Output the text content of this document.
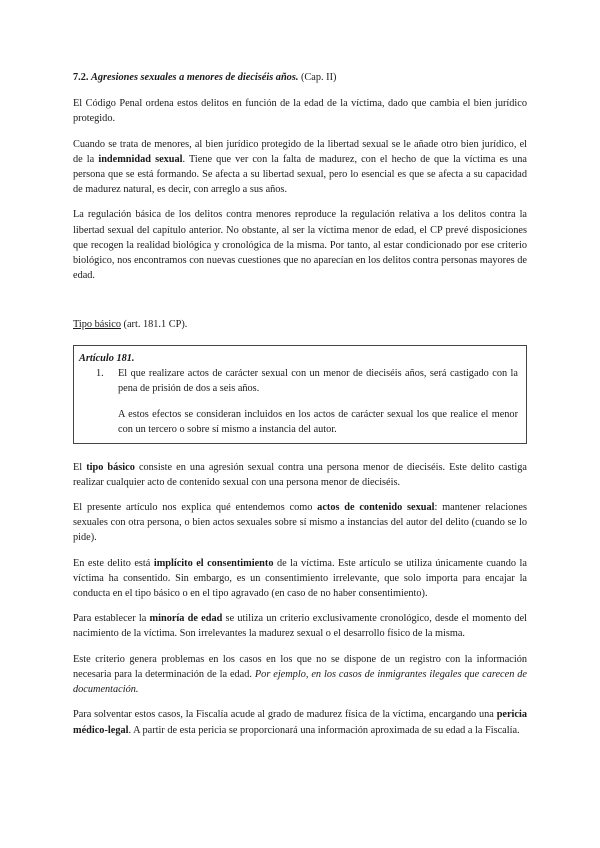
7.2. Agresiones sexuales a menores de dieciséis años. (Cap. II)

El Código Penal ordena estos delitos en función de la edad de la víctima, dado que cambia el bien jurídico protegido.

Cuando se trata de menores, al bien jurídico protegido de la libertad sexual se le añade otro bien jurídico, el de la indemnidad sexual. Tiene que ver con la falta de madurez, con el hecho de que la víctima es una persona que se está formando. Se afecta a su libertad sexual, pero lo esencial es que se afecta a su capacidad de madurez natural, es decir, con arreglo a sus años.

La regulación básica de los delitos contra menores reproduce la regulación relativa a los delitos contra la libertad sexual del capítulo anterior. No obstante, al ser la víctima menor de edad, el CP prevé disposiciones que recogen la realidad biológica y cronológica de la misma. Por tanto, al estar condicionado por ese criterio biológico, nos encontramos con nuevas cuestiones que no aparecían en los delitos contra personas mayores de edad.

Tipo básico (art. 181.1 CP).

Artículo 181.
1.	El que realizare actos de carácter sexual con un menor de dieciséis años, será castigado con la pena de prisión de dos a seis años.

A estos efectos se consideran incluidos en los actos de carácter sexual los que realice el menor con un tercero o sobre sí mismo a instancia del autor.

El tipo básico consiste en una agresión sexual contra una persona menor de dieciséis. Este delito castiga realizar cualquier acto de contenido sexual con una persona menor de dieciséis.

El presente artículo nos explica qué entendemos como actos de contenido sexual: mantener relaciones sexuales con otra persona, o bien actos sexuales sobre sí mismo a instancias del autor del delito (cuando se lo pide).

En este delito está implícito el consentimiento de la víctima. Este artículo se utiliza únicamente cuando la víctima ha consentido. Sin embargo, es un consentimiento irrelevante, que solo importa para encajar la conducta en el tipo básico o en el tipo agravado (en caso de no haber consentimiento).

Para establecer la minoría de edad se utiliza un criterio exclusivamente cronológico, desde el momento del nacimiento de la víctima. Son irrelevantes la madurez sexual o el desarrollo físico de la misma.

Este criterio genera problemas en los casos en los que no se dispone de un registro con la información necesaria para la determinación de la edad. Por ejemplo, en los casos de inmigrantes ilegales que carecen de documentación.

Para solventar estos casos, la Fiscalía acude al grado de madurez física de la víctima, encargando una pericia médico-legal. A partir de esta pericia se proporcionará una información aproximada de su edad a la Fiscalía.
